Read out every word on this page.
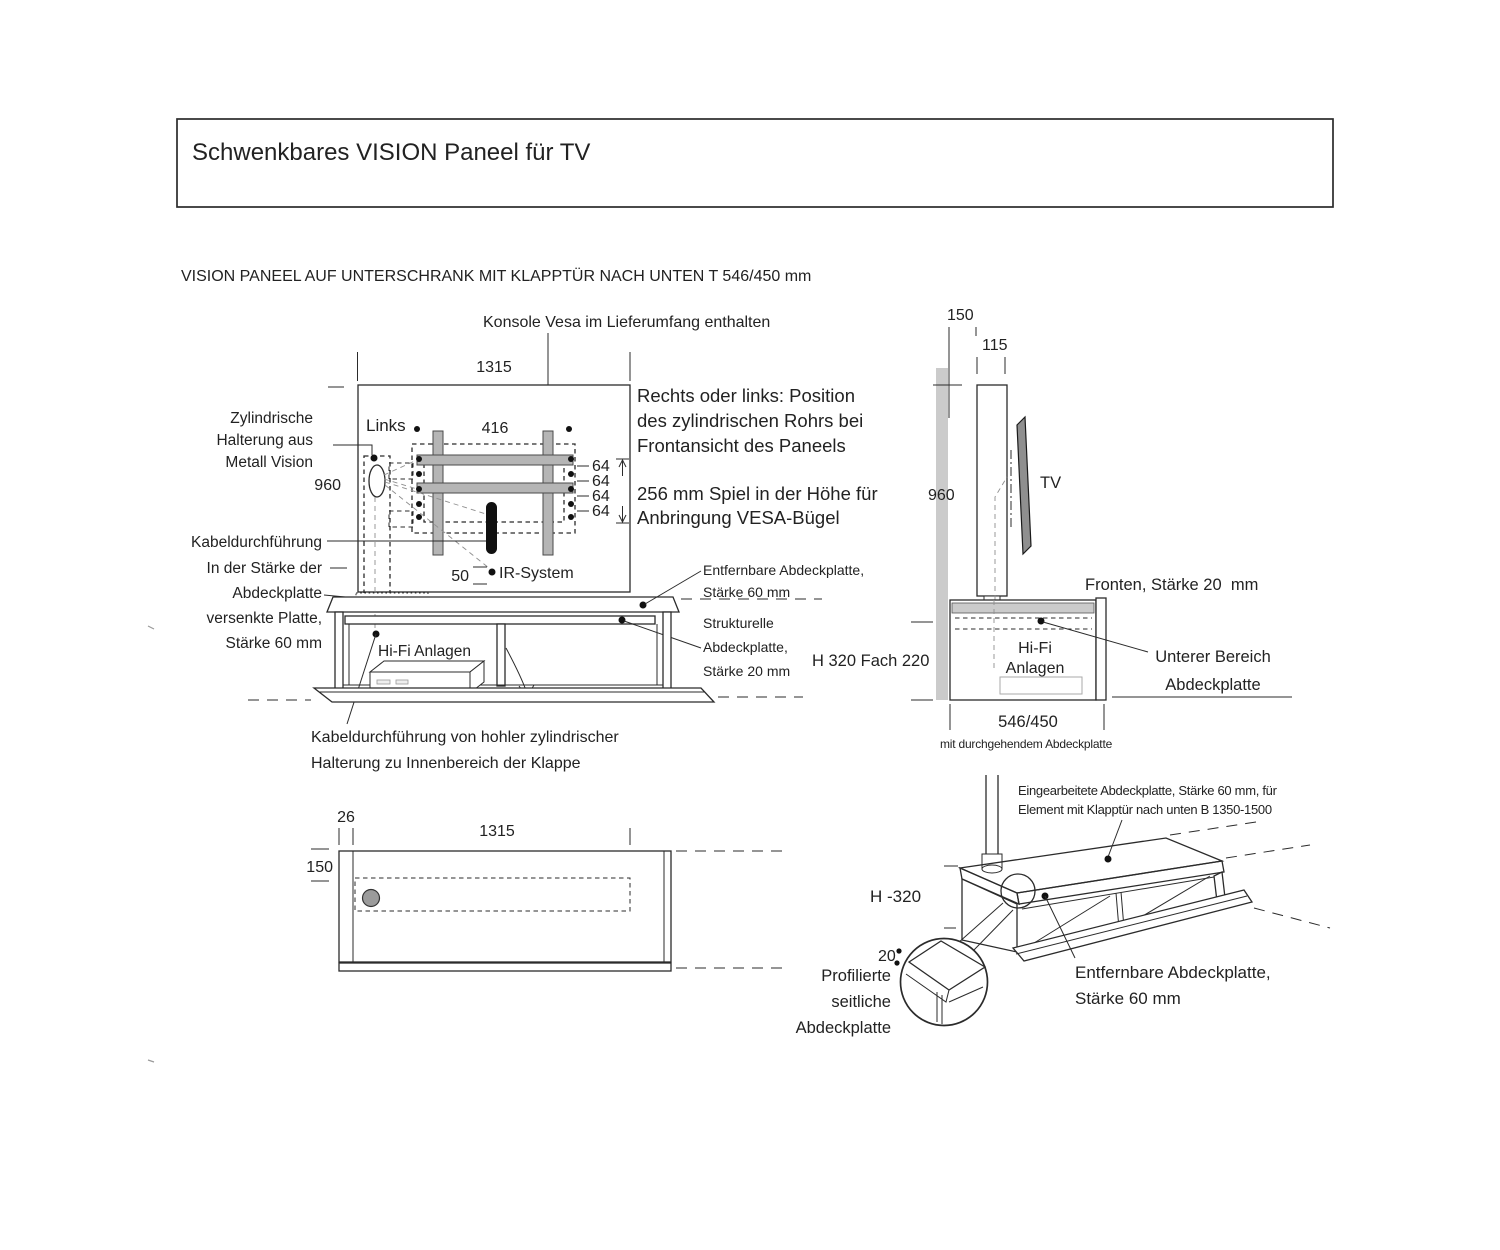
Schwenkbares VISION Paneel für TV
VISION PANEEL AUF UNTERSCHRANK MIT KLAPPTÜR NACH UNTEN T 546/450 mm
Konsole Vesa im Lieferumfang enthalten
1315
Links	416
64
64
64
64
50 IR-System
Zylindrische
Halterung aus
Metall Vision
960
Kabeldurchführung
In der Stärke der
Abdeckplatte
versenkte Platte,
Stärke 60 mm	Hi-Fi Anlagen
Kabeldurchführung von hohler zylindrischer
Halterung zu Innenbereich der Klappe
Entfernbare Abdeckplatte,
Stärke 60 mm
Strukturelle
Abdeckplatte,
Stärke 20 mm
Rechts oder links: Position
des zylindrischen Rohrs bei
Frontansicht des Paneels
256 mm Spiel in der Höhe für
Anbringung VESA-Bügel
150
115
TV
960
Fronten, Stärke 20  mm
Hi-Fi
Anlagen
H 320 Fach 220	Unterer Bereich
Abdeckplatte
546/450
mit durchgehendem Abdeckplatte
26
1315
150
Eingearbeitete Abdeckplatte, Stärke 60 mm, für
Element mit Klapptür nach unten B 1350-1500
H -320
20
Profilierte
seitliche
Abdeckplatte
Entfernbare Abdeckplatte,
Stärke 60 mm
